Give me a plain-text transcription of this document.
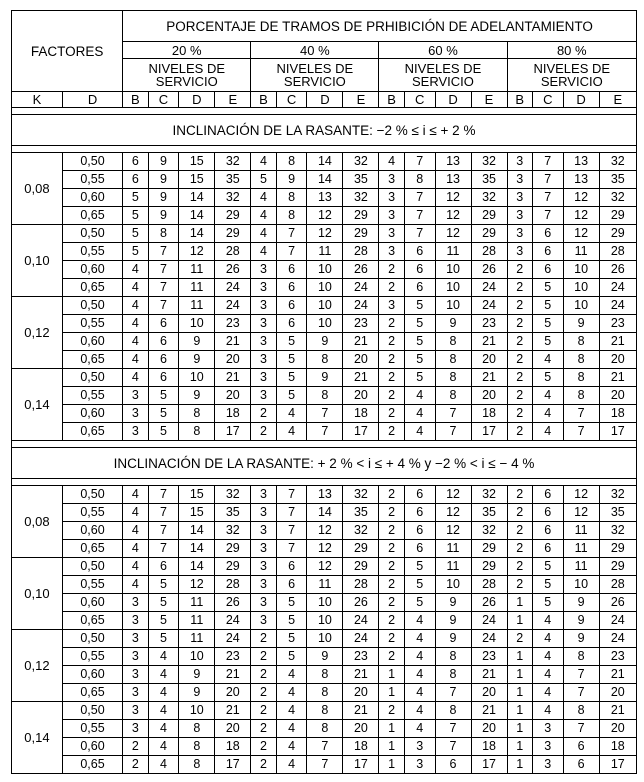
FACTORES		PORCENTAJE DE TRAMOS DE PRHIBICIÓN DE ADELANTAMIENTO															
		20 %				40 %				60 %				80 %			
		NIVELES DE SERVICIO				NIVELES DE SERVICIO				NIVELES DE SERVICIO				NIVELES DE SERVICIO			
K	D	B	C	D	E	B	C	D	E	B	C	D	E	B	C	D	E

INCLINACIÓN DE LA RASANTE: −2 % ≤ i ≤ + 2 %																	

0,08	0,50	6	9	15	32	4	8	14	32	4	7	13	32	3	7	13	32
	0,55	6	9	15	35	5	9	14	35	3	8	13	35	3	7	13	35
	0,60	5	9	14	32	4	8	13	32	3	7	12	32	3	7	12	32
	0,65	5	9	14	29	4	8	12	29	3	7	12	29	3	7	12	29
0,10	0,50	5	8	14	29	4	7	12	29	3	7	12	29	3	6	12	29
	0,55	5	7	12	28	4	7	11	28	3	6	11	28	3	6	11	28
	0,60	4	7	11	26	3	6	10	26	2	6	10	26	2	6	10	26
	0,65	4	7	11	24	3	6	10	24	2	6	10	24	2	5	10	24
0,12	0,50	4	7	11	24	3	6	10	24	3	5	10	24	2	5	10	24
	0,55	4	6	10	23	3	6	10	23	2	5	9	23	2	5	9	23
	0,60	4	6	9	21	3	5	9	21	2	5	8	21	2	5	8	21
	0,65	4	6	9	20	3	5	8	20	2	5	8	20	2	4	8	20
0,14	0,50	4	6	10	21	3	5	9	21	2	5	8	21	2	5	8	21
	0,55	3	5	9	20	3	5	8	20	2	4	8	20	2	4	8	20
	0,60	3	5	8	18	2	4	7	18	2	4	7	18	2	4	7	18
	0,65	3	5	8	17	2	4	7	17	2	4	7	17	2	4	7	17

INCLINACIÓN DE LA RASANTE: + 2 % < i ≤ + 4 % y −2 % < i ≤ − 4 %																	

0,08	0,50	4	7	15	32	3	7	13	32	2	6	12	32	2	6	12	32
	0,55	4	7	15	35	3	7	14	35	2	6	12	35	2	6	12	35
	0,60	4	7	14	32	3	7	12	32	2	6	12	32	2	6	11	32
	0,65	4	7	14	29	3	7	12	29	2	6	11	29	2	6	11	29
0,10	0,50	4	6	14	29	3	6	12	29	2	5	11	29	2	5	11	29
	0,55	4	5	12	28	3	6	11	28	2	5	10	28	2	5	10	28
	0,60	3	5	11	26	3	5	10	26	2	5	9	26	1	5	9	26
	0,65	3	5	11	24	3	5	10	24	2	4	9	24	1	4	9	24
0,12	0,50	3	5	11	24	2	5	10	24	2	4	9	24	2	4	9	24
	0,55	3	4	10	23	2	5	9	23	2	4	8	23	1	4	8	23
	0,60	3	4	9	21	2	4	8	21	1	4	8	21	1	4	7	21
	0,65	3	4	9	20	2	4	8	20	1	4	7	20	1	4	7	20
0,14	0,50	3	4	10	21	2	4	8	21	2	4	8	21	1	4	8	21
	0,55	3	4	8	20	2	4	8	20	1	4	7	20	1	3	7	20
	0,60	2	4	8	18	2	4	7	18	1	3	7	18	1	3	6	18
	0,65	2	4	8	17	2	4	7	17	1	3	6	17	1	3	6	17
